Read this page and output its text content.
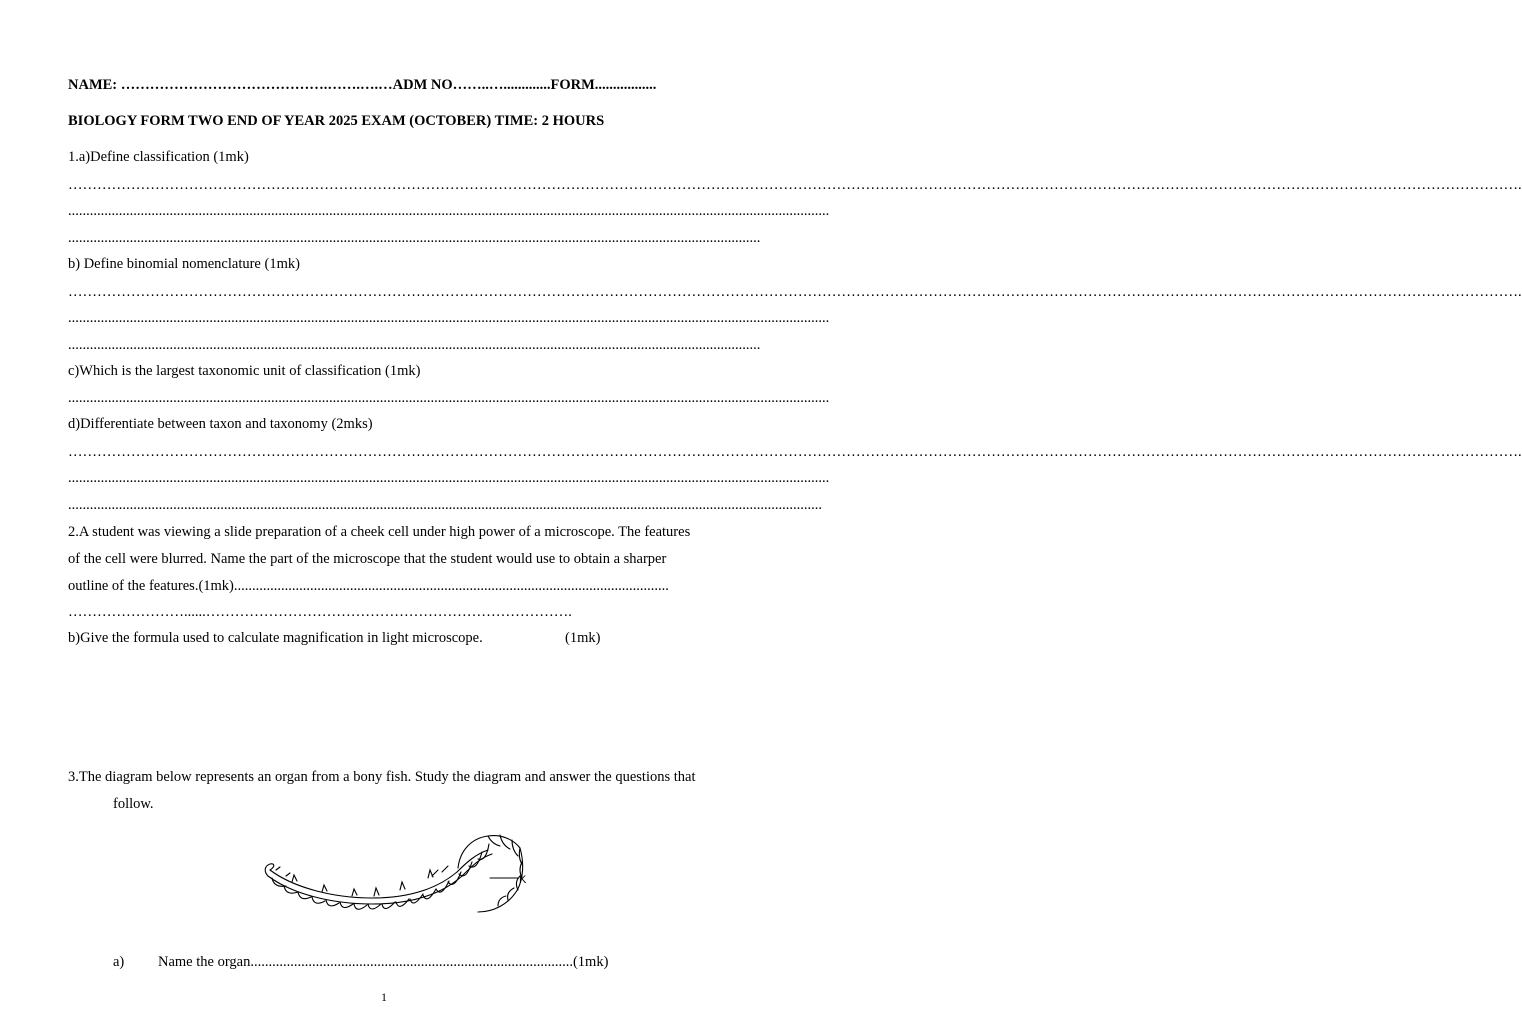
NAME: …………………………………….…….….…ADM NO……..….............FORM.................
BIOLOGY FORM TWO END OF YEAR 2025 EXAM (OCTOBER) TIME: 2 HOURS
1.a)Define classification (1mk)
………………………………………………………………………………………………………………………………………………………………………………………………………………………………………………………………………….
..................................................................................................................................................................................................................
...............................................................................................................................................................................................
b) Define binomial nomenclature (1mk)
………………………………………………………………………………………………………………………………………………………………………………………………………………………………………………………………………….
..................................................................................................................................................................................................................
...............................................................................................................................................................................................
c)Which is the largest taxonomic unit of classification (1mk)
..................................................................................................................................................................................................................
d)Differentiate between taxon and taxonomy (2mks)
………………………………………………………………………………………………………………………………………………………………………………………………………………………………………………………………………….
..................................................................................................................................................................................................................
................................................................................................................................................................................................................
2.A student was viewing a slide preparation of a cheek cell under high power of a microscope. The features
of the cell were blurred. Name the part of the microscope that the student would use to obtain a sharper
outline of the features.(1mk)........................................................................................................................
……………………......………………………………………………………………….
b)Give the formula used to calculate magnification in light microscope.	(1mk)
3.The diagram below represents an organ from a bony fish. Study the diagram and answer the questions that
follow.
K
a) Name the organ.........................................................................................(1mk)
1
